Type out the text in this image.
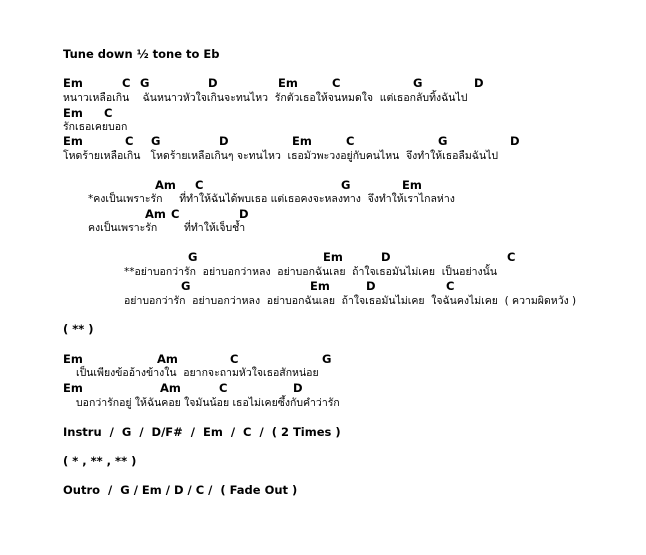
Tune down ½ tone to Eb
Em	C G	D	Em	C	G	D
หนาวเหลือเกิน    ฉันหนาวหัวใจเกินจะทนไหว  รักตัวเธอให้จนหมดใจ  แต่เธอกลับทิ้งฉันไป
Em C
รักเธอเคยบอก
Em	C G	D	Em	C	G	D
โหดร้ายเหลือเกิน   โหดร้ายเหลือเกินๆ จะทนไหว  เธอมัวพะวงอยู่กับคนไหน  จึงทำให้เธอลืมฉันไป
Am C	G	Em
*คงเป็นเพราะรัก     ที่ทำให้ฉันได้พบเธอ แต่เธอคงจะหลงทาง  จึงทำให้เราไกลห่าง
Am C	D
คงเป็นเพราะรัก        ที่ทำให้เจ็บช้ำ
G	Em	D	C
**อย่าบอกว่ารัก  อย่าบอกว่าหลง  อย่าบอกฉันเลย  ถ้าใจเธอมันไม่เคย  เป็นอย่างนั้น
G	Em	D	C
อย่าบอกว่ารัก  อย่าบอกว่าหลง  อย่าบอกฉันเลย  ถ้าใจเธอมันไม่เคย  ใจฉันคงไม่เคย  ( ความผิดหวัง )
( ** )
Em	Am	C	G
เป็นเพียงข้ออ้างข้างใน  อยากจะถามหัวใจเธอสักหน่อย
Em	Am	C	D
บอกว่ารักอยู่ ให้ฉันคอย ใจมันน้อย เธอไม่เคยซึ้งกับคำว่ารัก
Instru  /  G  /  D/F#  /  Em  /  C  /  ( 2 Times )
( * , ** , ** )
Outro  /  G / Em / D / C /  ( Fade Out )
